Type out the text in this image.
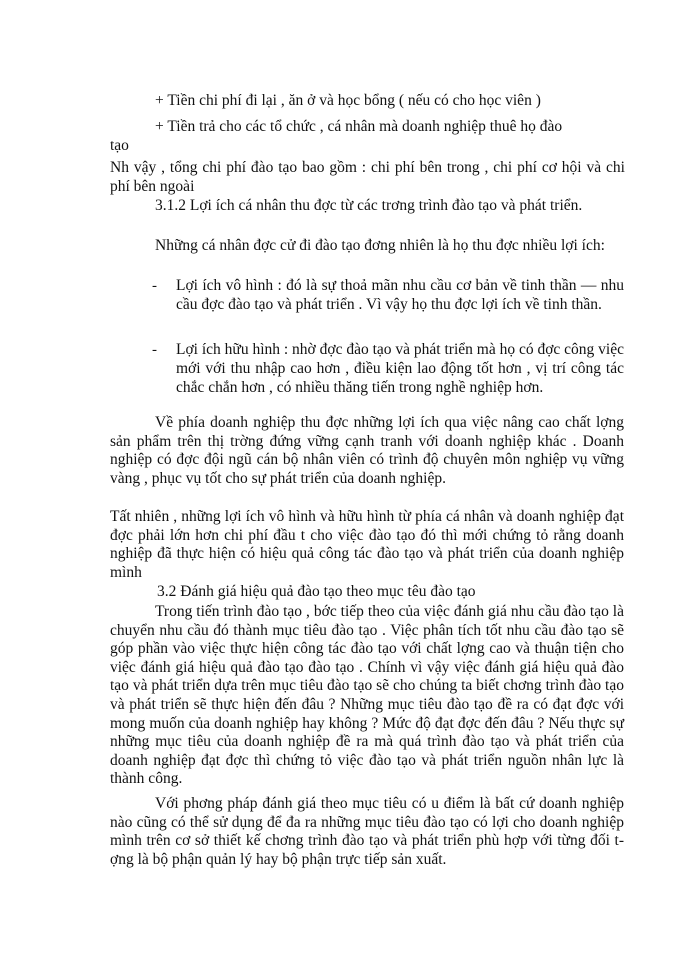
+ Tiền chi phí đi lại , ăn ở và học bổng ( nếu có cho học viên )

+ Tiền trả cho các tổ chức , cá nhân mà doanh nghiệp thuê họ đào

tạo

Nh vậy , tổng chi phí đào tạo bao gồm : chi phí bên trong , chi phí cơ hội và chi phí bên ngoài

3.1.2 Lợi ích cá nhân thu đợc từ các trơng trình đào tạo và phát triển.

Những cá nhân đợc cử đi đào tạo đơng nhiên là họ thu đợc nhiều lợi ích:

- Lợi ích vô hình : đó là sự thoả mãn nhu cầu cơ bản về tinh thần — nhu cầu đợc đào tạo và phát triển . Vì vậy họ thu đợc lợi ích về tinh thần.

- Lợi ích hữu hình : nhờ đợc đào tạo và phát triển mà họ có đợc công việc mới với thu nhập cao hơn , điều kiện lao động tốt hơn , vị trí công tác chắc chắn hơn , có nhiều thăng tiến trong nghề nghiệp hơn.

Về phía doanh nghiệp thu đợc những lợi ích qua việc nâng cao chất lợng sản phẩm trên thị trờng đứng vững cạnh tranh với doanh nghiệp khác . Doanh nghiệp có đợc đội ngũ cán bộ nhân viên có trình độ chuyên môn nghiệp vụ vững vàng , phục vụ tốt cho sự phát triển của doanh nghiệp.

Tất nhiên , những lợi ích vô hình và hữu hình từ phía cá nhân và doanh nghiệp đạt đợc phải lớn hơn chi phí đầu t cho việc đào tạo đó thì mới chứng tỏ rằng doanh nghiệp đã thực hiện có hiệu quả công tác đào tạo và phát triển của doanh nghiệp mình

3.2 Đánh giá hiệu quả đào tạo theo mục têu đào tạo

Trong tiến trình đào tạo , bớc tiếp theo của việc đánh giá nhu cầu đào tạo là chuyển nhu cầu đó thành mục tiêu đào tạo . Việc phân tích tốt nhu cầu đào tạo sẽ góp phần vào việc thực hiện công tác đào tạo với chất lợng cao và thuận tiện cho việc đánh giá hiệu quả đào tạo đào tạo . Chính vì vậy việc đánh giá hiệu quả đào tạo và phát triển dựa trên mục tiêu đào tạo sẽ cho chúng ta biết chơng trình đào tạo và phát triển sẽ thực hiện đến đâu ? Những mục tiêu đào tạo đề ra có đạt đợc với mong muốn của doanh nghiệp hay không ? Mức độ đạt đợc đến đâu ? Nếu thực sự những mục tiêu của doanh nghiệp đề ra mà quá trình đào tạo và phát triển của doanh nghiệp đạt đợc thì chứng tỏ việc đào tạo và phát triển nguồn nhân lực là thành công.

Với phơng pháp đánh giá theo mục tiêu có u điểm là bất cứ doanh nghiệp nào cũng có thể sử dụng để đa ra những mục tiêu đào tạo có lợi cho doanh nghiệp mình trên cơ sở thiết kế chơng trình đào tạo và phát triển phù hợp với từng đối tợng là bộ phận quản lý hay bộ phận trực tiếp sản xuất.
